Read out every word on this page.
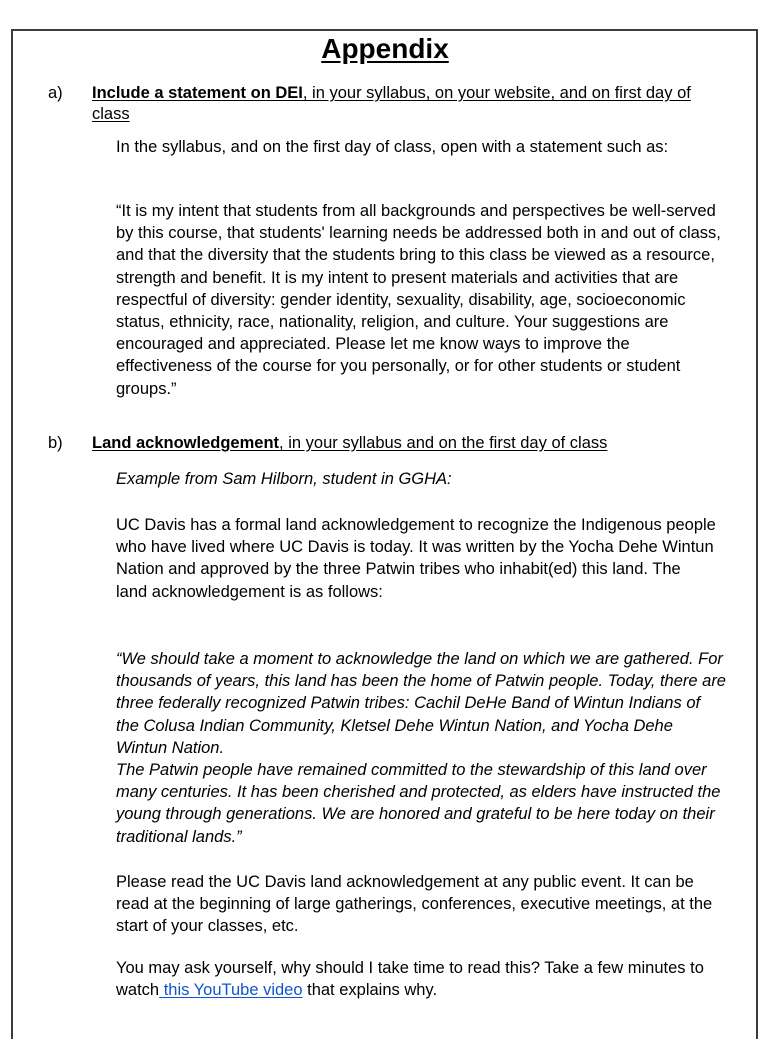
Appendix
a) Include a statement on DEI, in your syllabus, on your website, and on first day of class

In the syllabus, and on the first day of class, open with a statement such as:

“It is my intent that students from all backgrounds and perspectives be well-served by this course, that students' learning needs be addressed both in and out of class, and that the diversity that the students bring to this class be viewed as a resource, strength and benefit. It is my intent to present materials and activities that are respectful of diversity: gender identity, sexuality, disability, age, socioeconomic status, ethnicity, race, nationality, religion, and culture. Your suggestions are encouraged and appreciated. Please let me know ways to improve the effectiveness of the course for you personally, or for other students or student groups.”

b) Land acknowledgement, in your syllabus and on the first day of class

Example from Sam Hilborn, student in GGHA:

UC Davis has a formal land acknowledgement to recognize the Indigenous people who have lived where UC Davis is today. It was written by the Yocha Dehe Wintun Nation and approved by the three Patwin tribes who inhabit(ed) this land. The land acknowledgement is as follows:

“We should take a moment to acknowledge the land on which we are gathered. For thousands of years, this land has been the home of Patwin people. Today, there are three federally recognized Patwin tribes: Cachil DeHe Band of Wintun Indians of the Colusa Indian Community, Kletsel Dehe Wintun Nation, and Yocha Dehe Wintun Nation.

The Patwin people have remained committed to the stewardship of this land over many centuries. It has been cherished and protected, as elders have instructed the young through generations. We are honored and grateful to be here today on their traditional lands.”

Please read the UC Davis land acknowledgement at any public event. It can be read at the beginning of large gatherings, conferences, executive meetings, at the start of your classes, etc.

You may ask yourself, why should I take time to read this? Take a few minutes to watch this YouTube video that explains why.
